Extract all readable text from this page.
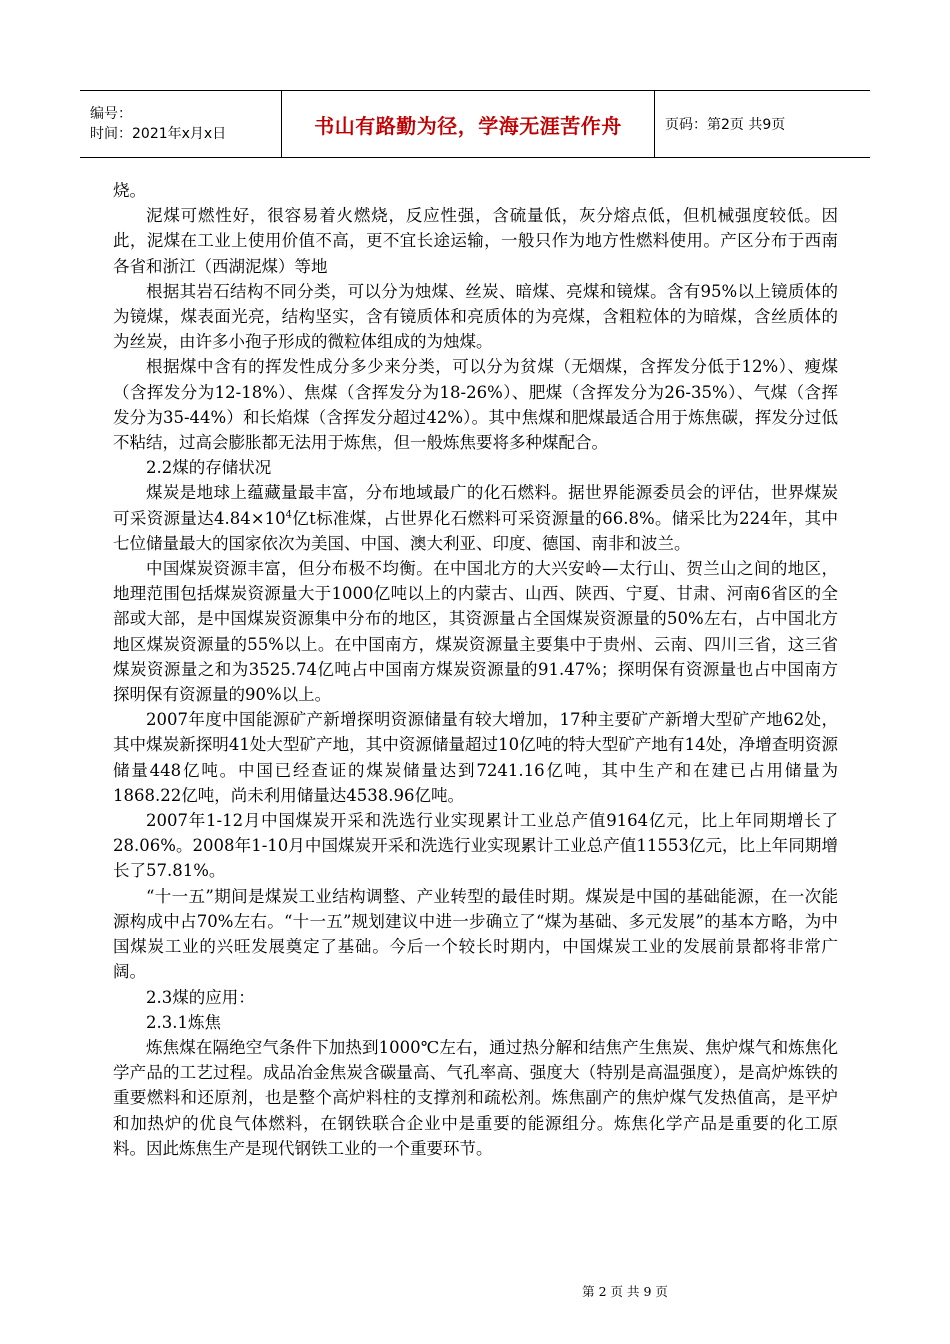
编号：
时间：2021年x月x日	书山有路勤为径，学海无涯苦作舟	页码：第2页 共9页

烧。

泥煤可燃性好，很容易着火燃烧，反应性强，含硫量低，灰分熔点低，但机械强度较低。因此，泥煤在工业上使用价值不高，更不宜长途运输，一般只作为地方性燃料使用。产区分布于西南各省和浙江（西湖泥煤）等地

根据其岩石结构不同分类，可以分为烛煤、丝炭、暗煤、亮煤和镜煤。含有95%以上镜质体的为镜煤，煤表面光亮，结构坚实，含有镜质体和亮质体的为亮煤，含粗粒体的为暗煤，含丝质体的为丝炭，由许多小孢子形成的微粒体组成的为烛煤。

根据煤中含有的挥发性成分多少来分类，可以分为贫煤（无烟煤，含挥发分低于12%）、瘦煤（含挥发分为12-18%）、焦煤（含挥发分为18-26%）、肥煤（含挥发分为26-35%）、气煤（含挥发分为35-44%）和长焰煤（含挥发分超过42%）。其中焦煤和肥煤最适合用于炼焦碳，挥发分过低不粘结，过高会膨胀都无法用于炼焦，但一般炼焦要将多种煤配合。

2.2煤的存储状况

煤炭是地球上蕴藏量最丰富，分布地域最广的化石燃料。据世界能源委员会的评估，世界煤炭可采资源量达$4.84\times 10^4$亿t标准煤，占世界化石燃料可采资源量的66.8%。储采比为224年，其中七位储量最大的国家依次为美国、中国、澳大利亚、印度、德国、南非和波兰。

中国煤炭资源丰富，但分布极不均衡。在中国北方的大兴安岭—太行山、贺兰山之间的地区，地理范围包括煤炭资源量大于1000亿吨以上的内蒙古、山西、陕西、宁夏、甘肃、河南6省区的全部或大部，是中国煤炭资源集中分布的地区，其资源量占全国煤炭资源量的50%左右，占中国北方地区煤炭资源量的55%以上。在中国南方，煤炭资源量主要集中于贵州、云南、四川三省，这三省煤炭资源量之和为3525.74亿吨占中国南方煤炭资源量的91.47%；探明保有资源量也占中国南方探明保有资源量的90%以上。

2007年度中国能源矿产新增探明资源储量有较大增加，17种主要矿产新增大型矿产地62处，其中煤炭新探明41处大型矿产地，其中资源储量超过10亿吨的特大型矿产地有14处，净增查明资源储量448亿吨。中国已经查证的煤炭储量达到7241.16亿吨，其中生产和在建已占用储量为1868.22亿吨，尚未利用储量达4538.96亿吨。

2007年1-12月中国煤炭开采和洗选行业实现累计工业总产值9164亿元，比上年同期增长了28.06%。2008年1-10月中国煤炭开采和洗选行业实现累计工业总产值11553亿元，比上年同期增长了57.81%。

“十一五”期间是煤炭工业结构调整、产业转型的最佳时期。煤炭是中国的基础能源，在一次能源构成中占70%左右。“十一五”规划建议中进一步确立了“煤为基础、多元发展”的基本方略，为中国煤炭工业的兴旺发展奠定了基础。今后一个较长时期内，中国煤炭工业的发展前景都将非常广阔。

2.3煤的应用：

2.3.1炼焦

炼焦煤在隔绝空气条件下加热到1000℃左右，通过热分解和结焦产生焦炭、焦炉煤气和炼焦化学产品的工艺过程。成品冶金焦炭含碳量高、气孔率高、强度大（特别是高温强度），是高炉炼铁的重要燃料和还原剂，也是整个高炉料柱的支撑剂和疏松剂。炼焦副产的焦炉煤气发热值高，是平炉和加热炉的优良气体燃料，在钢铁联合企业中是重要的能源组分。炼焦化学产品是重要的化工原料。因此炼焦生产是现代钢铁工业的一个重要环节。

第 2 页 共 9 页
